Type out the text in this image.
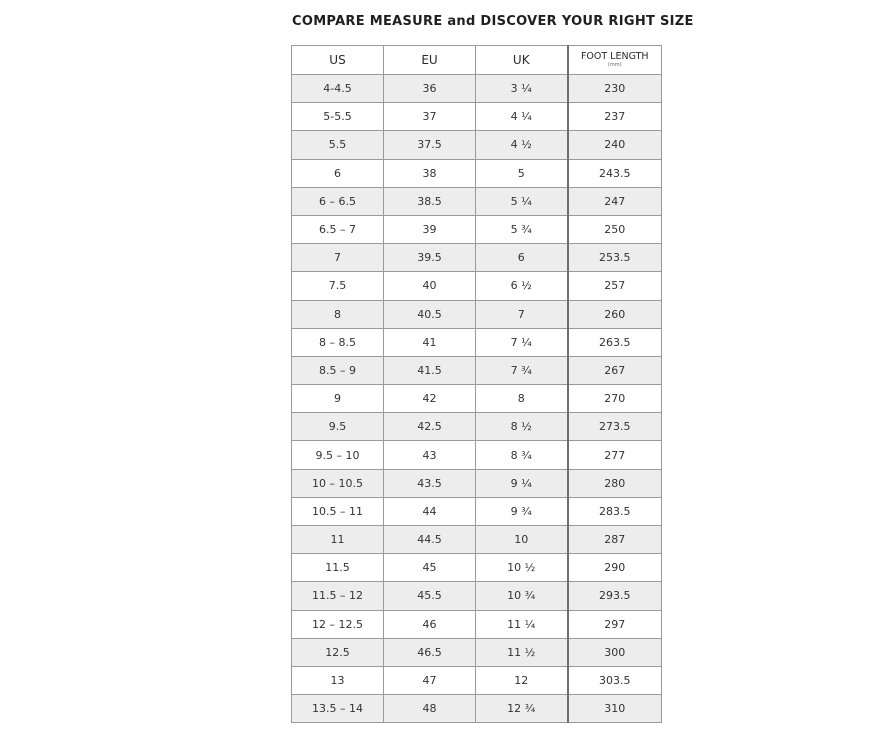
COMPARE MEASURE and DISCOVER YOUR RIGHT SIZE
US	EU	UK	FOOT LENGTH
(mm)

4-4.5	36	3 ¼	230
5-5.5	37	4 ¼	237
5.5	37.5	4 ½	240
6	38	5	243.5
6 – 6.5	38.5	5 ¼	247
6.5 – 7	39	5 ¾	250
7	39.5	6	253.5
7.5	40	6 ½	257
8	40.5	7	260
8 – 8.5	41	7 ¼	263.5
8.5 – 9	41.5	7 ¾	267
9	42	8	270
9.5	42.5	8 ½	273.5
9.5 – 10	43	8 ¾	277
10 – 10.5	43.5	9 ¼	280
10.5 – 11	44	9 ¾	283.5
11	44.5	10	287
11.5	45	10 ½	290
11.5 – 12	45.5	10 ¾	293.5
12 – 12.5	46	11 ¼	297
12.5	46.5	11 ½	300
13	47	12	303.5
13.5 – 14	48	12 ¾	310
